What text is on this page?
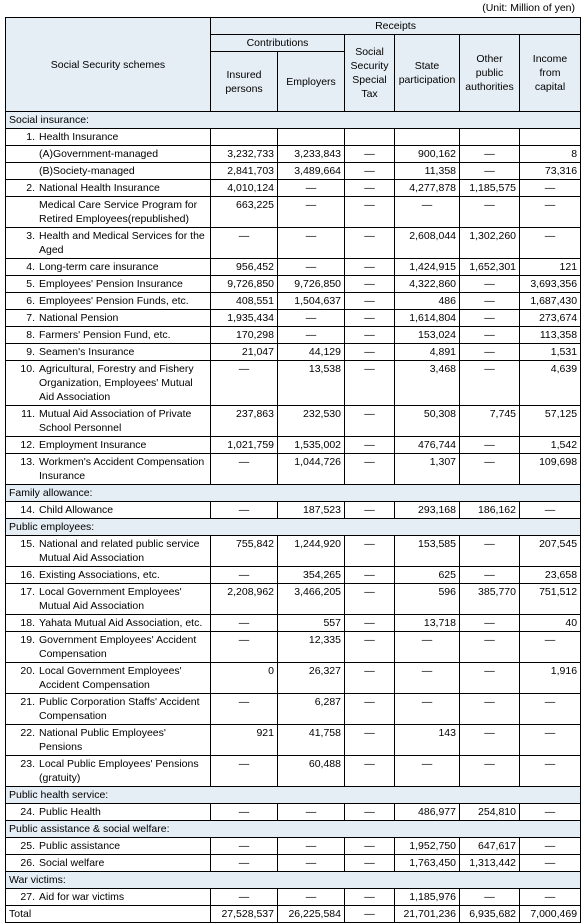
(Unit: Million of yen)
Social Security schemes	Receipts					
	Contributions		Social Security Special Tax	State participation	Other public authorities	Income from capital
	Insured persons	Employers				
Social insurance:						

1. Health Insurance						

(A)Government-managed	3,232,733	3,233,843	—	900,162	—	8

(B)Society-managed	2,841,703	3,489,664	—	11,358	—	73,316

2. National Health Insurance	4,010,124	—	—	4,277,878	1,185,575	—

Medical Care Service Program for Retired Employees(republished)	663,225	—	—	—	—	—

3. Health and Medical Services for the Aged	—	—	—	2,608,044	1,302,260	—

4. Long-term care insurance	956,452	—	—	1,424,915	1,652,301	121

5. Employees' Pension Insurance	9,726,850	9,726,850	—	4,322,860	—	3,693,356

6. Employees' Pension Funds, etc.	408,551	1,504,637	—	486	—	1,687,430

7. National Pension	1,935,434	—	—	1,614,804	—	273,674

8. Farmers' Pension Fund, etc.	170,298	—	—	153,024	—	113,358

9. Seamen's Insurance	21,047	44,129	—	4,891	—	1,531

10. Agricultural, Forestry and Fishery Organization, Employees' Mutual Aid Association	—	13,538	—	3,468	—	4,639

11. Mutual Aid Association of Private School Personnel	237,863	232,530	—	50,308	7,745	57,125

12. Employment Insurance	1,021,759	1,535,002	—	476,744	—	1,542

13. Workmen's Accident Compensation Insurance	—	1,044,726	—	1,307	—	109,698
Family allowance:						

14. Child Allowance	—	187,523	—	293,168	186,162	—
Public employees:						

15. National and related public service Mutual Aid Association	755,842	1,244,920	—	153,585	—	207,545

16. Existing Associations, etc.	—	354,265	—	625	—	23,658

17. Local Government Employees' Mutual Aid Association	2,208,962	3,466,205	—	596	385,770	751,512

18. Yahata Mutual Aid Association, etc.	—	557	—	13,718	—	40

19. Government Employees' Accident Compensation	—	12,335	—	—	—	—

20. Local Government Employees' Accident Compensation	0	26,327	—	—	—	1,916

21. Public Corporation Staffs' Accident Compensation	—	6,287	—	—	—	—

22. National Public Employees' Pensions	921	41,758	—	143	—	—

23. Local Public Employees' Pensions (gratuity)	—	60,488	—	—	—	—
Public health service:						

24. Public Health	—	—	—	486,977	254,810	—
Public assistance & social welfare:						

25. Public assistance	—	—	—	1,952,750	647,617	—

26. Social welfare	—	—	—	1,763,450	1,313,442	—
War victims:						

27. Aid for war victims	—	—	—	1,185,976	—	—
Total	27,528,537	26,225,584	—	21,701,236	6,935,682	7,000,469
